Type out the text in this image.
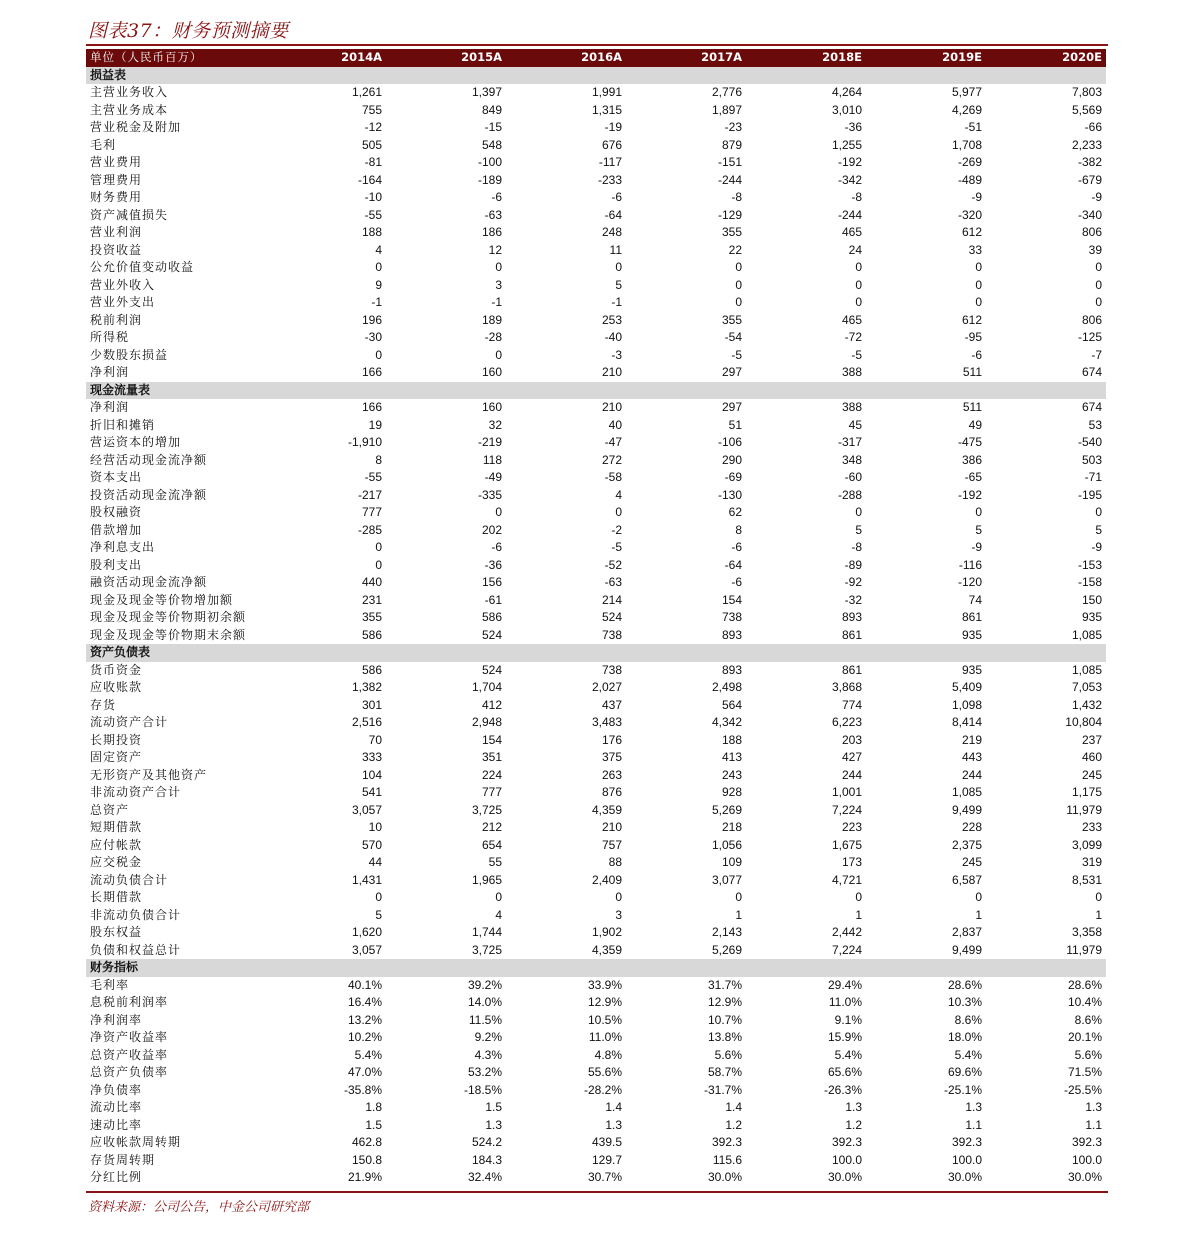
图表37：财务预测摘要
单位（人民币百万）	2014A	2015A	2016A	2017A	2018E	2019E	2020E
损益表							
主营业务收入	1,261	1,397	1,991	2,776	4,264	5,977	7,803
主营业务成本	755	849	1,315	1,897	3,010	4,269	5,569
营业税金及附加	-12	-15	-19	-23	-36	-51	-66
毛利	505	548	676	879	1,255	1,708	2,233
营业费用	-81	-100	-117	-151	-192	-269	-382
管理费用	-164	-189	-233	-244	-342	-489	-679
财务费用	-10	-6	-6	-8	-8	-9	-9
资产减值损失	-55	-63	-64	-129	-244	-320	-340
营业利润	188	186	248	355	465	612	806
投资收益	4	12	11	22	24	33	39
公允价值变动收益	0	0	0	0	0	0	0
营业外收入	9	3	5	0	0	0	0
营业外支出	-1	-1	-1	0	0	0	0
税前利润	196	189	253	355	465	612	806
所得税	-30	-28	-40	-54	-72	-95	-125
少数股东损益	0	0	-3	-5	-5	-6	-7
净利润	166	160	210	297	388	511	674
现金流量表							
净利润	166	160	210	297	388	511	674
折旧和摊销	19	32	40	51	45	49	53
营运资本的增加	-1,910	-219	-47	-106	-317	-475	-540
经营活动现金流净额	8	118	272	290	348	386	503
资本支出	-55	-49	-58	-69	-60	-65	-71
投资活动现金流净额	-217	-335	4	-130	-288	-192	-195
股权融资	777	0	0	62	0	0	0
借款增加	-285	202	-2	8	5	5	5
净利息支出	0	-6	-5	-6	-8	-9	-9
股利支出	0	-36	-52	-64	-89	-116	-153
融资活动现金流净额	440	156	-63	-6	-92	-120	-158
现金及现金等价物增加额	231	-61	214	154	-32	74	150
现金及现金等价物期初余额	355	586	524	738	893	861	935
现金及现金等价物期末余额	586	524	738	893	861	935	1,085
资产负债表							
货币资金	586	524	738	893	861	935	1,085
应收账款	1,382	1,704	2,027	2,498	3,868	5,409	7,053
存货	301	412	437	564	774	1,098	1,432
流动资产合计	2,516	2,948	3,483	4,342	6,223	8,414	10,804
长期投资	70	154	176	188	203	219	237
固定资产	333	351	375	413	427	443	460
无形资产及其他资产	104	224	263	243	244	244	245
非流动资产合计	541	777	876	928	1,001	1,085	1,175
总资产	3,057	3,725	4,359	5,269	7,224	9,499	11,979
短期借款	10	212	210	218	223	228	233
应付帐款	570	654	757	1,056	1,675	2,375	3,099
应交税金	44	55	88	109	173	245	319
流动负债合计	1,431	1,965	2,409	3,077	4,721	6,587	8,531
长期借款	0	0	0	0	0	0	0
非流动负债合计	5	4	3	1	1	1	1
股东权益	1,620	1,744	1,902	2,143	2,442	2,837	3,358
负债和权益总计	3,057	3,725	4,359	5,269	7,224	9,499	11,979
财务指标							
毛利率	40.1%	39.2%	33.9%	31.7%	29.4%	28.6%	28.6%
息税前利润率	16.4%	14.0%	12.9%	12.9%	11.0%	10.3%	10.4%
净利润率	13.2%	11.5%	10.5%	10.7%	9.1%	8.6%	8.6%
净资产收益率	10.2%	9.2%	11.0%	13.8%	15.9%	18.0%	20.1%
总资产收益率	5.4%	4.3%	4.8%	5.6%	5.4%	5.4%	5.6%
总资产负债率	47.0%	53.2%	55.6%	58.7%	65.6%	69.6%	71.5%
净负债率	-35.8%	-18.5%	-28.2%	-31.7%	-26.3%	-25.1%	-25.5%
流动比率	1.8	1.5	1.4	1.4	1.3	1.3	1.3
速动比率	1.5	1.3	1.3	1.2	1.2	1.1	1.1
应收帐款周转期	462.8	524.2	439.5	392.3	392.3	392.3	392.3
存货周转期	150.8	184.3	129.7	115.6	100.0	100.0	100.0
分红比例	21.9%	32.4%	30.7%	30.0%	30.0%	30.0%	30.0%
资料来源：公司公告，中金公司研究部
